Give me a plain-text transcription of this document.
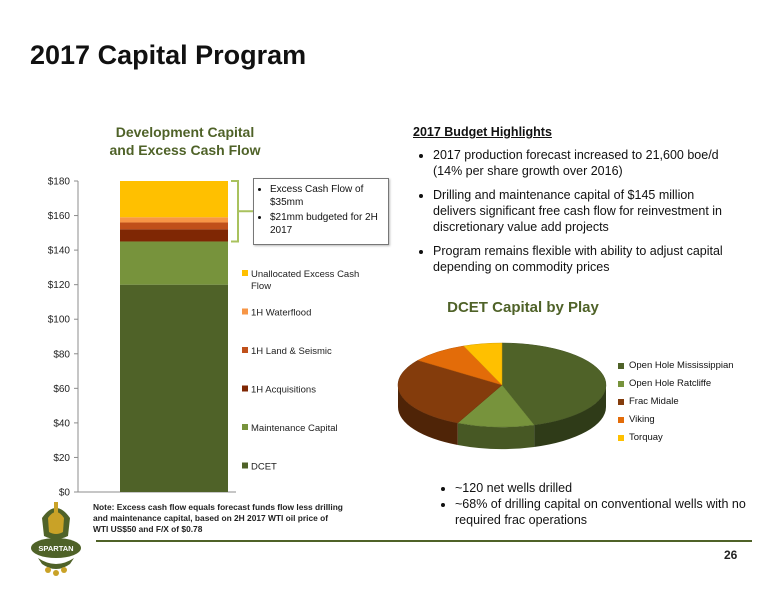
2017 Capital Program
Development Capital
and Excess Cash Flow
$0
$20
$40
$60
$80
$100
$120
$140
$160
$180
Unallocated Excess Cash Flow
1H Waterflood
1H Land & Seismic
1H Acquisitions
Maintenance Capital
DCET
• Excess Cash Flow of $35mm
• $21mm budgeted for 2H 2017
Note: Excess cash flow equals forecast funds flow less drilling and maintenance capital, based on 2H 2017 WTI oil price of WTI US$50 and F/X of $0.78
2017 Budget Highlights
• 2017 production forecast increased to 21,600 boe/d (14% per share growth over 2016)
• Drilling and maintenance capital of $145 million delivers significant free cash flow for reinvestment in discretionary value add projects
• Program remains flexible with ability to adjust capital depending on commodity prices
DCET Capital by Play
Open Hole Mississippian
Open Hole Ratcliffe
Frac Midale
Viking
Torquay
• ~120 net wells drilled
• ~68% of drilling capital on conventional wells with no required frac operations
SPARTAN	26
